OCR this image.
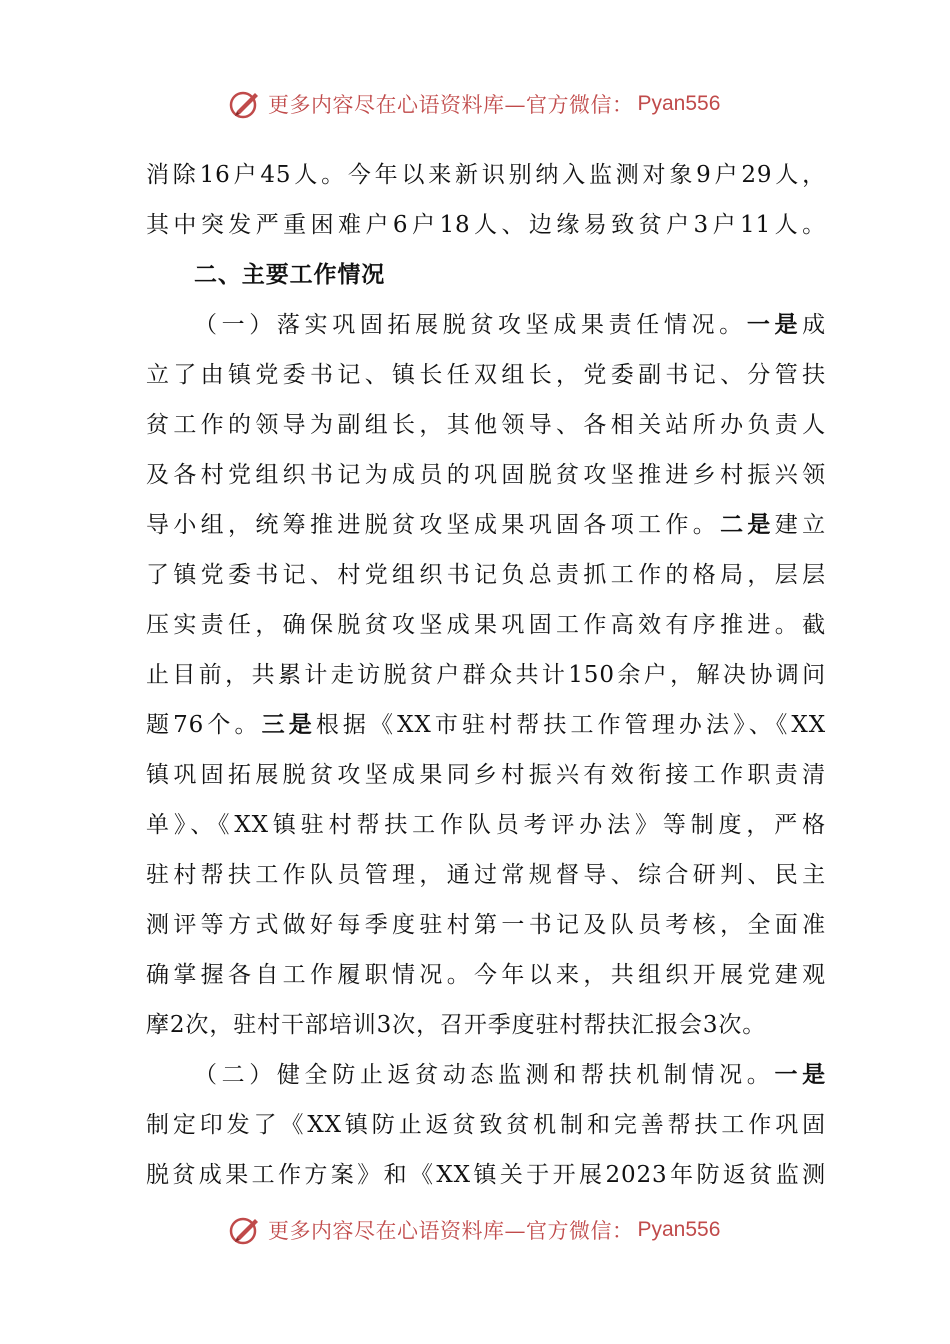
更多内容尽在心语资料库—官方微信： Pyan556
消除16户45人。今年以来新识别纳入监测对象9户29人，
其中突发严重困难户6户18人、边缘易致贫户3户11人。
二、主要工作情况
（一）落实巩固拓展脱贫攻坚成果责任情况。一是成
立了由镇党委书记、镇长任双组长，党委副书记、分管扶
贫工作的领导为副组长，其他领导、各相关站所办负责人
及各村党组织书记为成员的巩固脱贫攻坚推进乡村振兴领
导小组，统筹推进脱贫攻坚成果巩固各项工作。二是建立
了镇党委书记、村党组织书记负总责抓工作的格局，层层
压实责任，确保脱贫攻坚成果巩固工作高效有序推进。截
止目前，共累计走访脱贫户群众共计150余户，解决协调问
题76个。三是根据《XX市驻村帮扶工作管理办法》、《XX
镇巩固拓展脱贫攻坚成果同乡村振兴有效衔接工作职责清
单》、《XX镇驻村帮扶工作队员考评办法》等制度，严格
驻村帮扶工作队员管理，通过常规督导、综合研判、民主
测评等方式做好每季度驻村第一书记及队员考核，全面准
确掌握各自工作履职情况。今年以来，共组织开展党建观
摩2次，驻村干部培训3次，召开季度驻村帮扶汇报会3次。
（二）健全防止返贫动态监测和帮扶机制情况。一是
制定印发了《XX镇防止返贫致贫机制和完善帮扶工作巩固
脱贫成果工作方案》和《XX镇关于开展2023年防返贫监测
更多内容尽在心语资料库—官方微信： Pyan556
